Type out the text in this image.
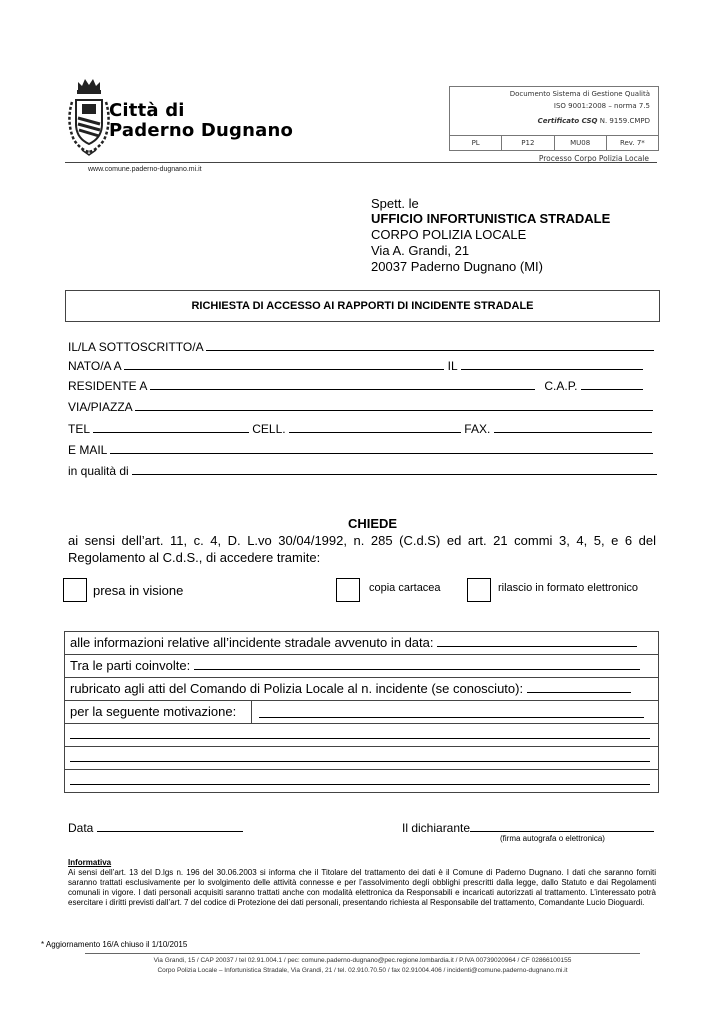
Città di
Paderno Dugnano
www.comune.paderno-dugnano.mi.it
Documento Sistema di Gestione Qualità
ISO 9001:2008 – norma 7.5
Certificato CSQ N. 9159.CMPD
PL	P12	MU08	Rev. 7*
Processo Corpo Polizia Locale
Spett. le
UFFICIO INFORTUNISTICA STRADALE
CORPO POLIZIA LOCALE
Via A. Grandi, 21
20037 Paderno Dugnano (MI)
RICHIESTA DI ACCESSO AI RAPPORTI DI INCIDENTE STRADALE
IL/LA SOTTOSCRITTO/A
NATO/A A	IL
RESIDENTE A	C.A.P.
VIA/PIAZZA
TEL	CELL.	FAX.
E MAIL
in qualità di
CHIEDE
ai sensi dell’art. 11, c. 4, D. L.vo 30/04/1992, n. 285 (C.d.S) ed art. 21 commi 3, 4, 5, e 6 del Regolamento al C.d.S., di accedere tramite:
presa in visione	copia cartacea	rilascio in formato elettronico
alle informazioni relative all’incidente stradale avvenuto in data:
Tra le parti coinvolte:
rubricato agli atti del Comando di Polizia Locale al n. incidente (se conosciuto):
per la seguente motivazione:
Data	Il dichiarante
(firma autografa o elettronica)
Informativa
Ai sensi dell’art. 13 del D.lgs n. 196 del 30.06.2003 si informa che il Titolare del trattamento dei dati è il Comune di Paderno Dugnano. I dati che saranno forniti saranno trattati esclusivamente per lo svolgimento delle attività connesse e per l’assolvimento degli obblighi prescritti dalla legge, dallo Statuto e dai Regolamenti comunali in vigore. I dati personali acquisiti saranno trattati anche con modalità elettronica da Responsabili e incaricati autorizzati al trattamento. L’interessato potrà esercitare i diritti previsti dall’art. 7 del codice di Protezione dei dati personali, presentando richiesta al Responsabile del trattamento, Comandante Lucio Dioguardi.
* Aggiornamento 16/A chiuso il 1/10/2015
Via Grandi, 15 / CAP 20037 / tel 02.91.004.1 / pec: comune.paderno-dugnano@pec.regione.lombardia.it / P.IVA 00739020964 / CF 02866100155
Corpo Polizia Locale – Infortunistica Stradale, Via Grandi, 21 / tel. 02.910.70.50 / fax 02.91004.406 / incidenti@comune.paderno-dugnano.mi.it
